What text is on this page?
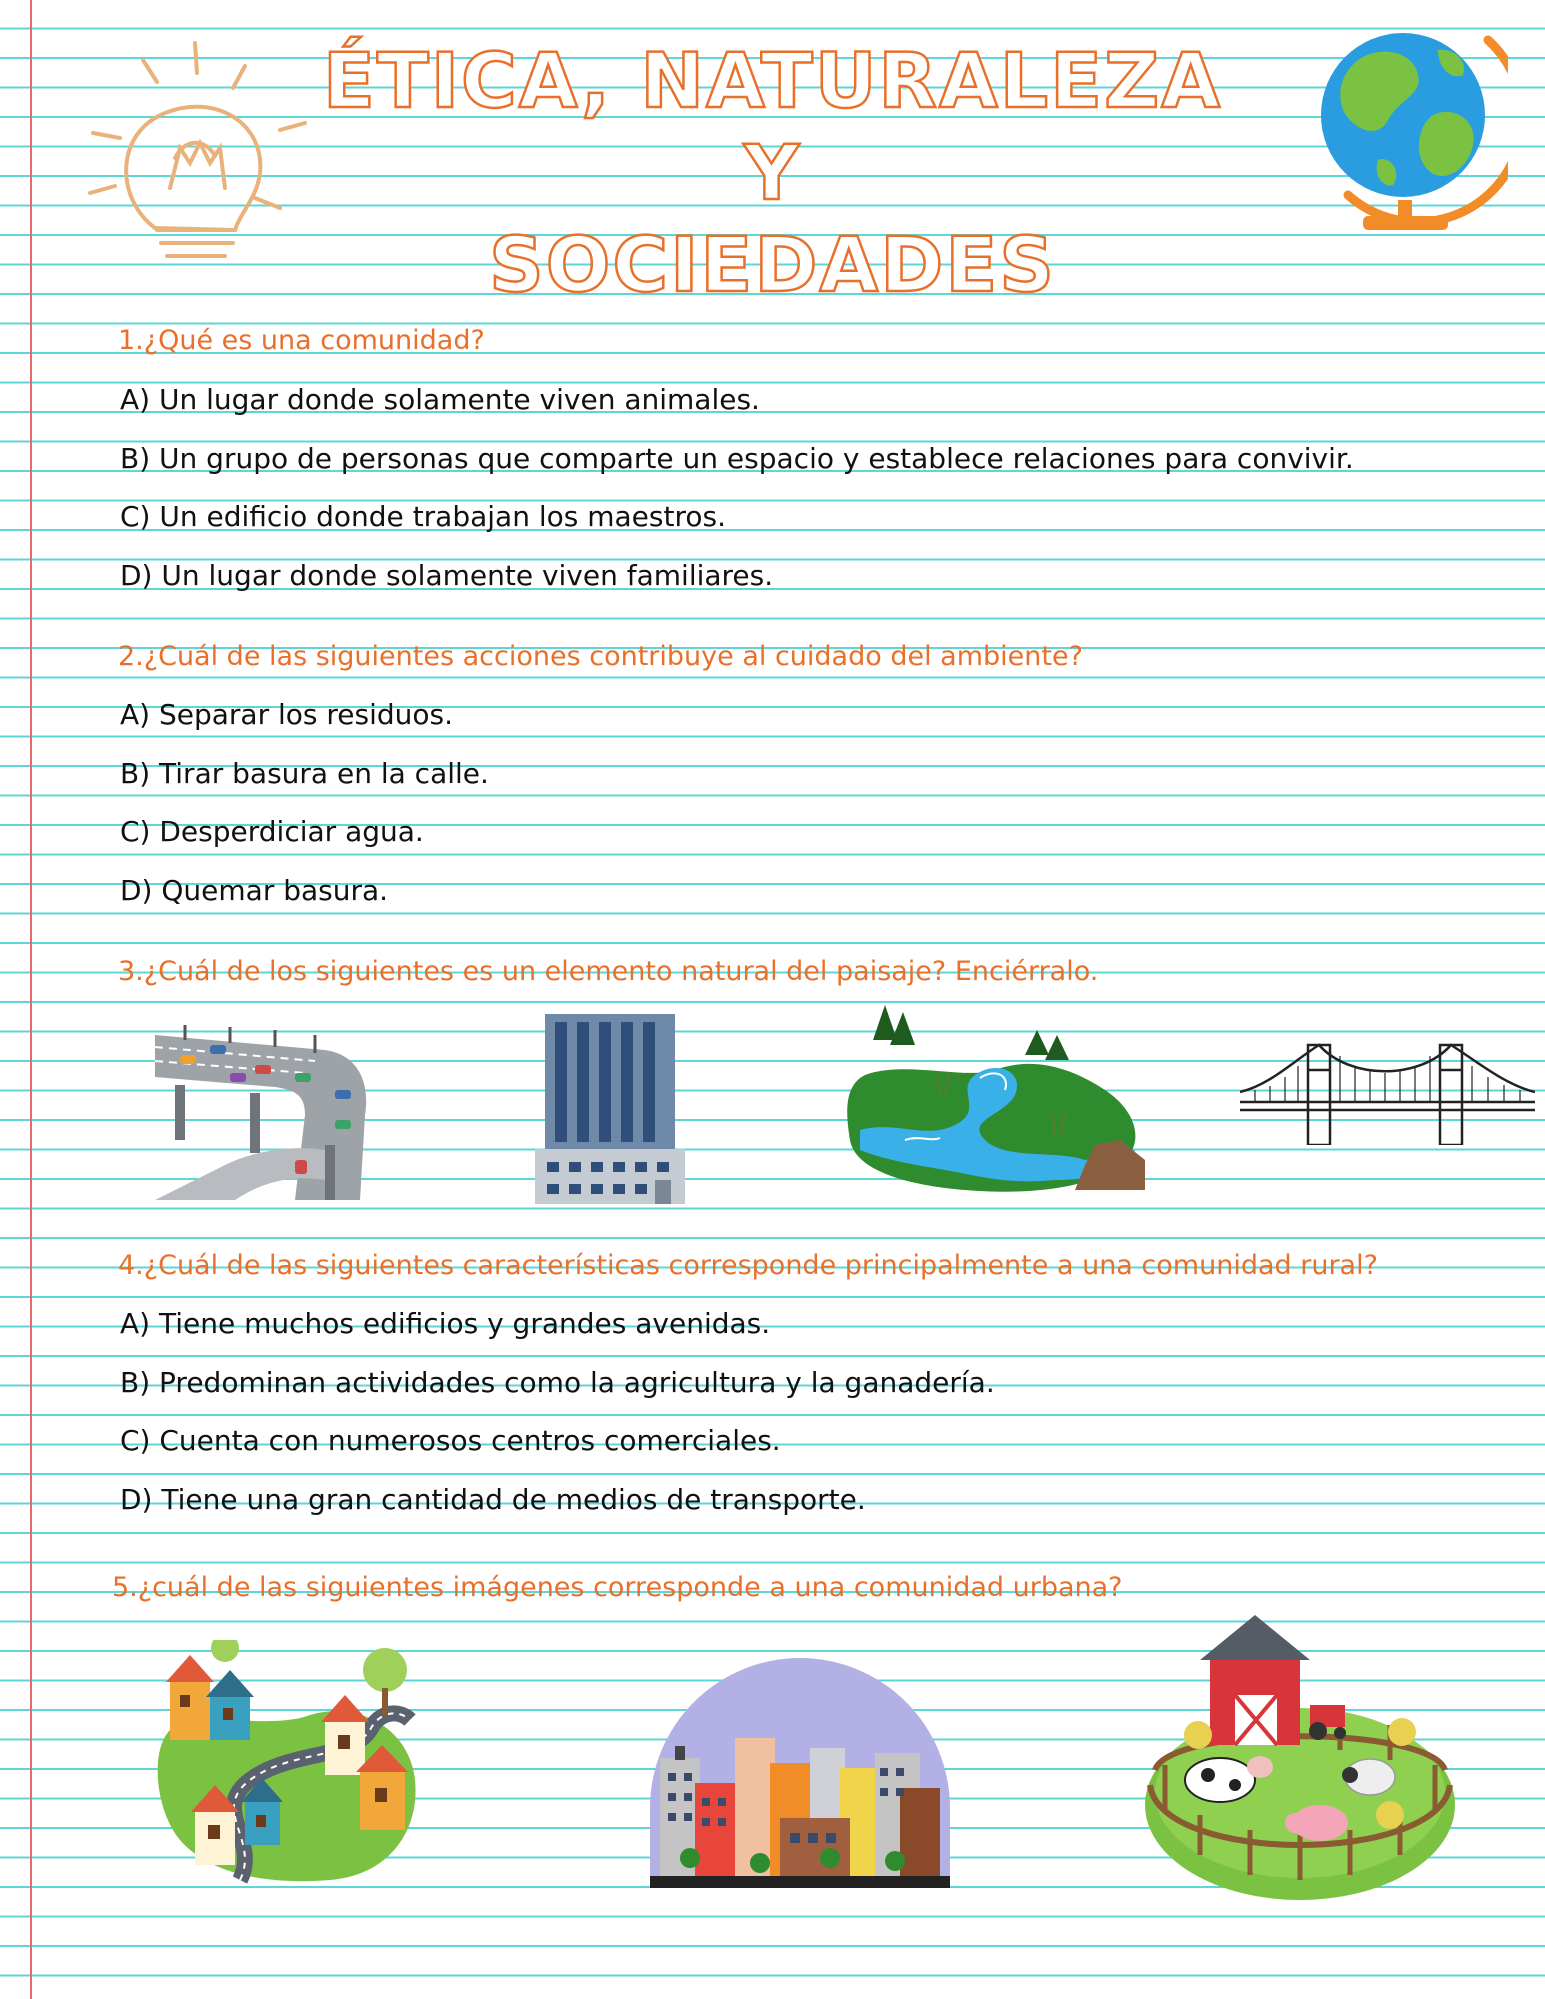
ÉTICA, NATURALEZA Y
SOCIEDADES
1.¿Qué es una comunidad?
A) Un lugar donde solamente viven animales.
B) Un grupo de personas que comparte un espacio y establece relaciones para convivir.
C) Un edificio donde trabajan los maestros.
D) Un lugar donde solamente viven familiares.
2.¿Cuál de las siguientes acciones contribuye al cuidado del ambiente?
A) Separar los residuos.
B) Tirar basura en la calle.
C) Desperdiciar agua.
D) Quemar basura.
3.¿Cuál de los siguientes es un elemento natural del paisaje? Enciérralo.
4.¿Cuál de las siguientes características corresponde principalmente a una comunidad rural?
A) Tiene muchos edificios y grandes avenidas.
B) Predominan actividades como la agricultura y la ganadería.
C) Cuenta con numerosos centros comerciales.
D) Tiene una gran cantidad de medios de transporte.
5.¿cuál de las siguientes imágenes corresponde a una comunidad urbana?
